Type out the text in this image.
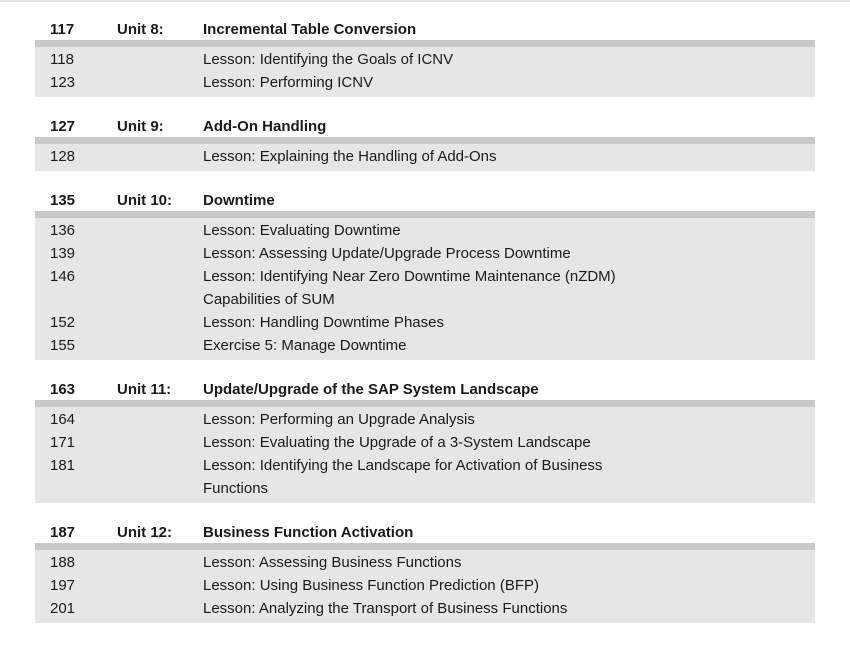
117	Unit 8:	Incremental Table Conversion
118	Lesson: Identifying the Goals of ICNV
123	Lesson: Performing ICNV
127	Unit 9:	Add-On Handling
128	Lesson: Explaining the Handling of Add-Ons
135	Unit 10: Downtime
136	Lesson: Evaluating Downtime
139	Lesson: Assessing Update/Upgrade Process Downtime
146	Lesson: Identifying Near Zero Downtime Maintenance (nZDM) Capabilities of SUM
152	Lesson: Handling Downtime Phases
155	Exercise 5: Manage Downtime
163	Unit 11: Update/Upgrade of the SAP System Landscape
164	Lesson: Performing an Upgrade Analysis
171	Lesson: Evaluating the Upgrade of a 3-System Landscape
181	Lesson: Identifying the Landscape for Activation of Business Functions
187	Unit 12: Business Function Activation
188	Lesson: Assessing Business Functions
197	Lesson: Using Business Function Prediction (BFP)
201	Lesson: Analyzing the Transport of Business Functions
